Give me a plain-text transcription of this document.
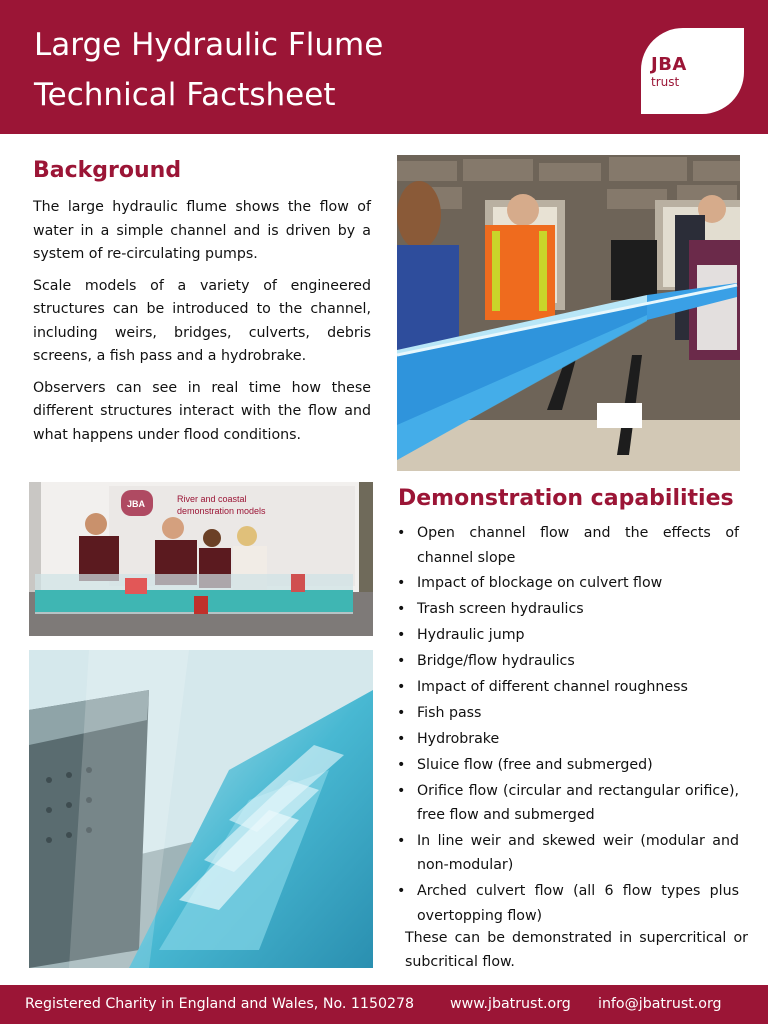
Large Hydraulic Flume
Technical Factsheet
JBA
trust
Background

The large hydraulic flume shows the flow of water in a simple channel and is driven by a system of re-circulating pumps.

Scale models of a variety of engineered structures can be introduced to the channel, including weirs, bridges, culverts, debris screens, a fish pass and a hydrobrake.

Observers can see in real time how these different structures interact with the flow and what happens under flood conditions.

JBA	River and coastal
demonstration models	Demonstration capabilities
• Open channel flow and the effects of channel slope
• Impact of blockage on culvert flow
• Trash screen hydraulics
• Hydraulic jump
• Bridge/flow hydraulics
• Impact of different channel roughness
• Fish pass
• Hydrobrake
• Sluice flow (free and submerged)
• Orifice flow (circular and rectangular orifice), free flow and submerged
• In line weir and skewed weir (modular and non-modular)
• Arched culvert flow (all 6 flow types plus overtopping flow)
These can be demonstrated in supercritical or subcritical flow.
Registered Charity in England and Wales, No. 1150278	www.jbatrust.org info@jbatrust.org
